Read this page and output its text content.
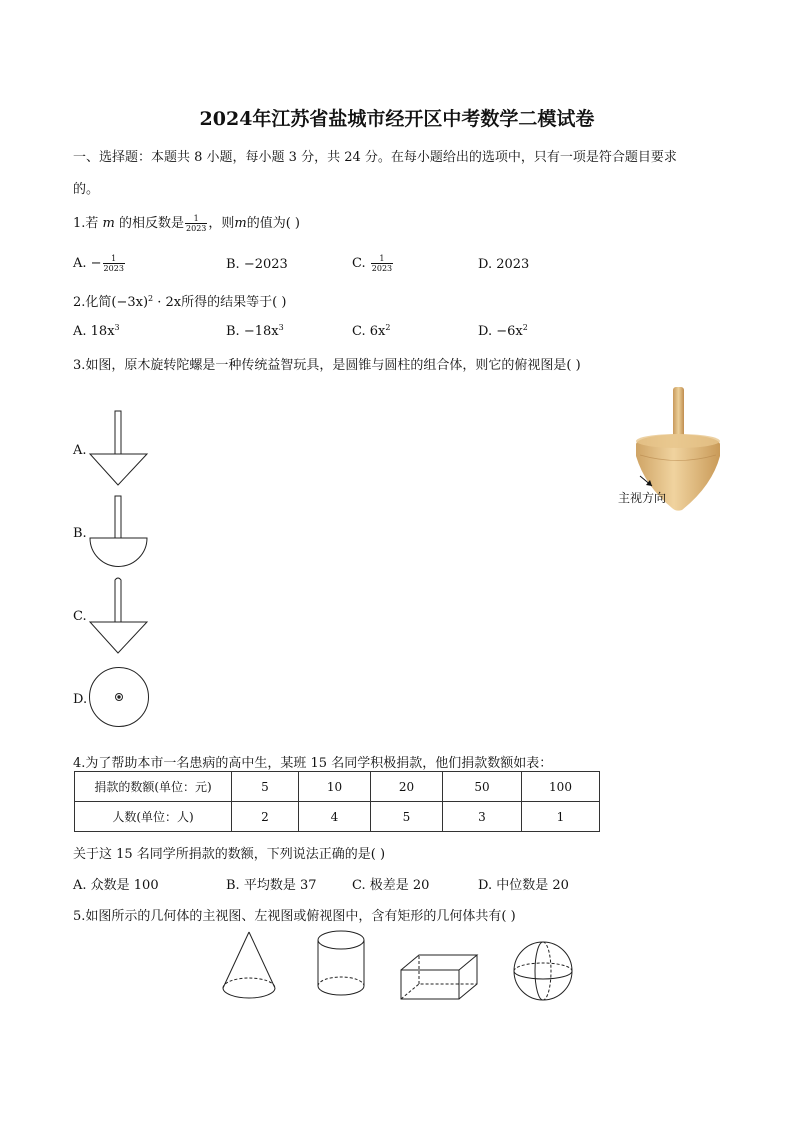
2024年江苏省盐城市经开区中考数学二模试卷
一、选择题：本题共 8 小题，每小题 3 分，共 24 分。在每小题给出的选项中，只有一项是符合题目要求
的。
1.若 m 的相反数是 $\frac{1}{2023}$ ，则m的值为( )
A. − $\frac{1}{2023}$	B. −2023	C. $\frac{1}{2023}$	D. 2023
2.化简$(-3x)^2 \cdot 2x$所得的结果等于( )
A. $18x^3$	B. $-18x^3$	C. $6x^2$	D. $-6x^2$
3.如图，原木旋转陀螺是一种传统益智玩具，是圆锥与圆柱的组合体，则它的俯视图是( )
A.
B.
C.
D.
主视方向
4.为了帮助本市一名患病的高中生，某班 15 名同学积极捐款，他们捐款数额如表：
捐款的数额(单位：元)	5	10	20	50	100
人数(单位：人)	2	4	5	3	1
关于这 15 名同学所捐款的数额，下列说法正确的是( )
A. 众数是 100	B. 平均数是 37	C. 极差是 20	D. 中位数是 20
5.如图所示的几何体的主视图、左视图或俯视图中，含有矩形的几何体共有( )
